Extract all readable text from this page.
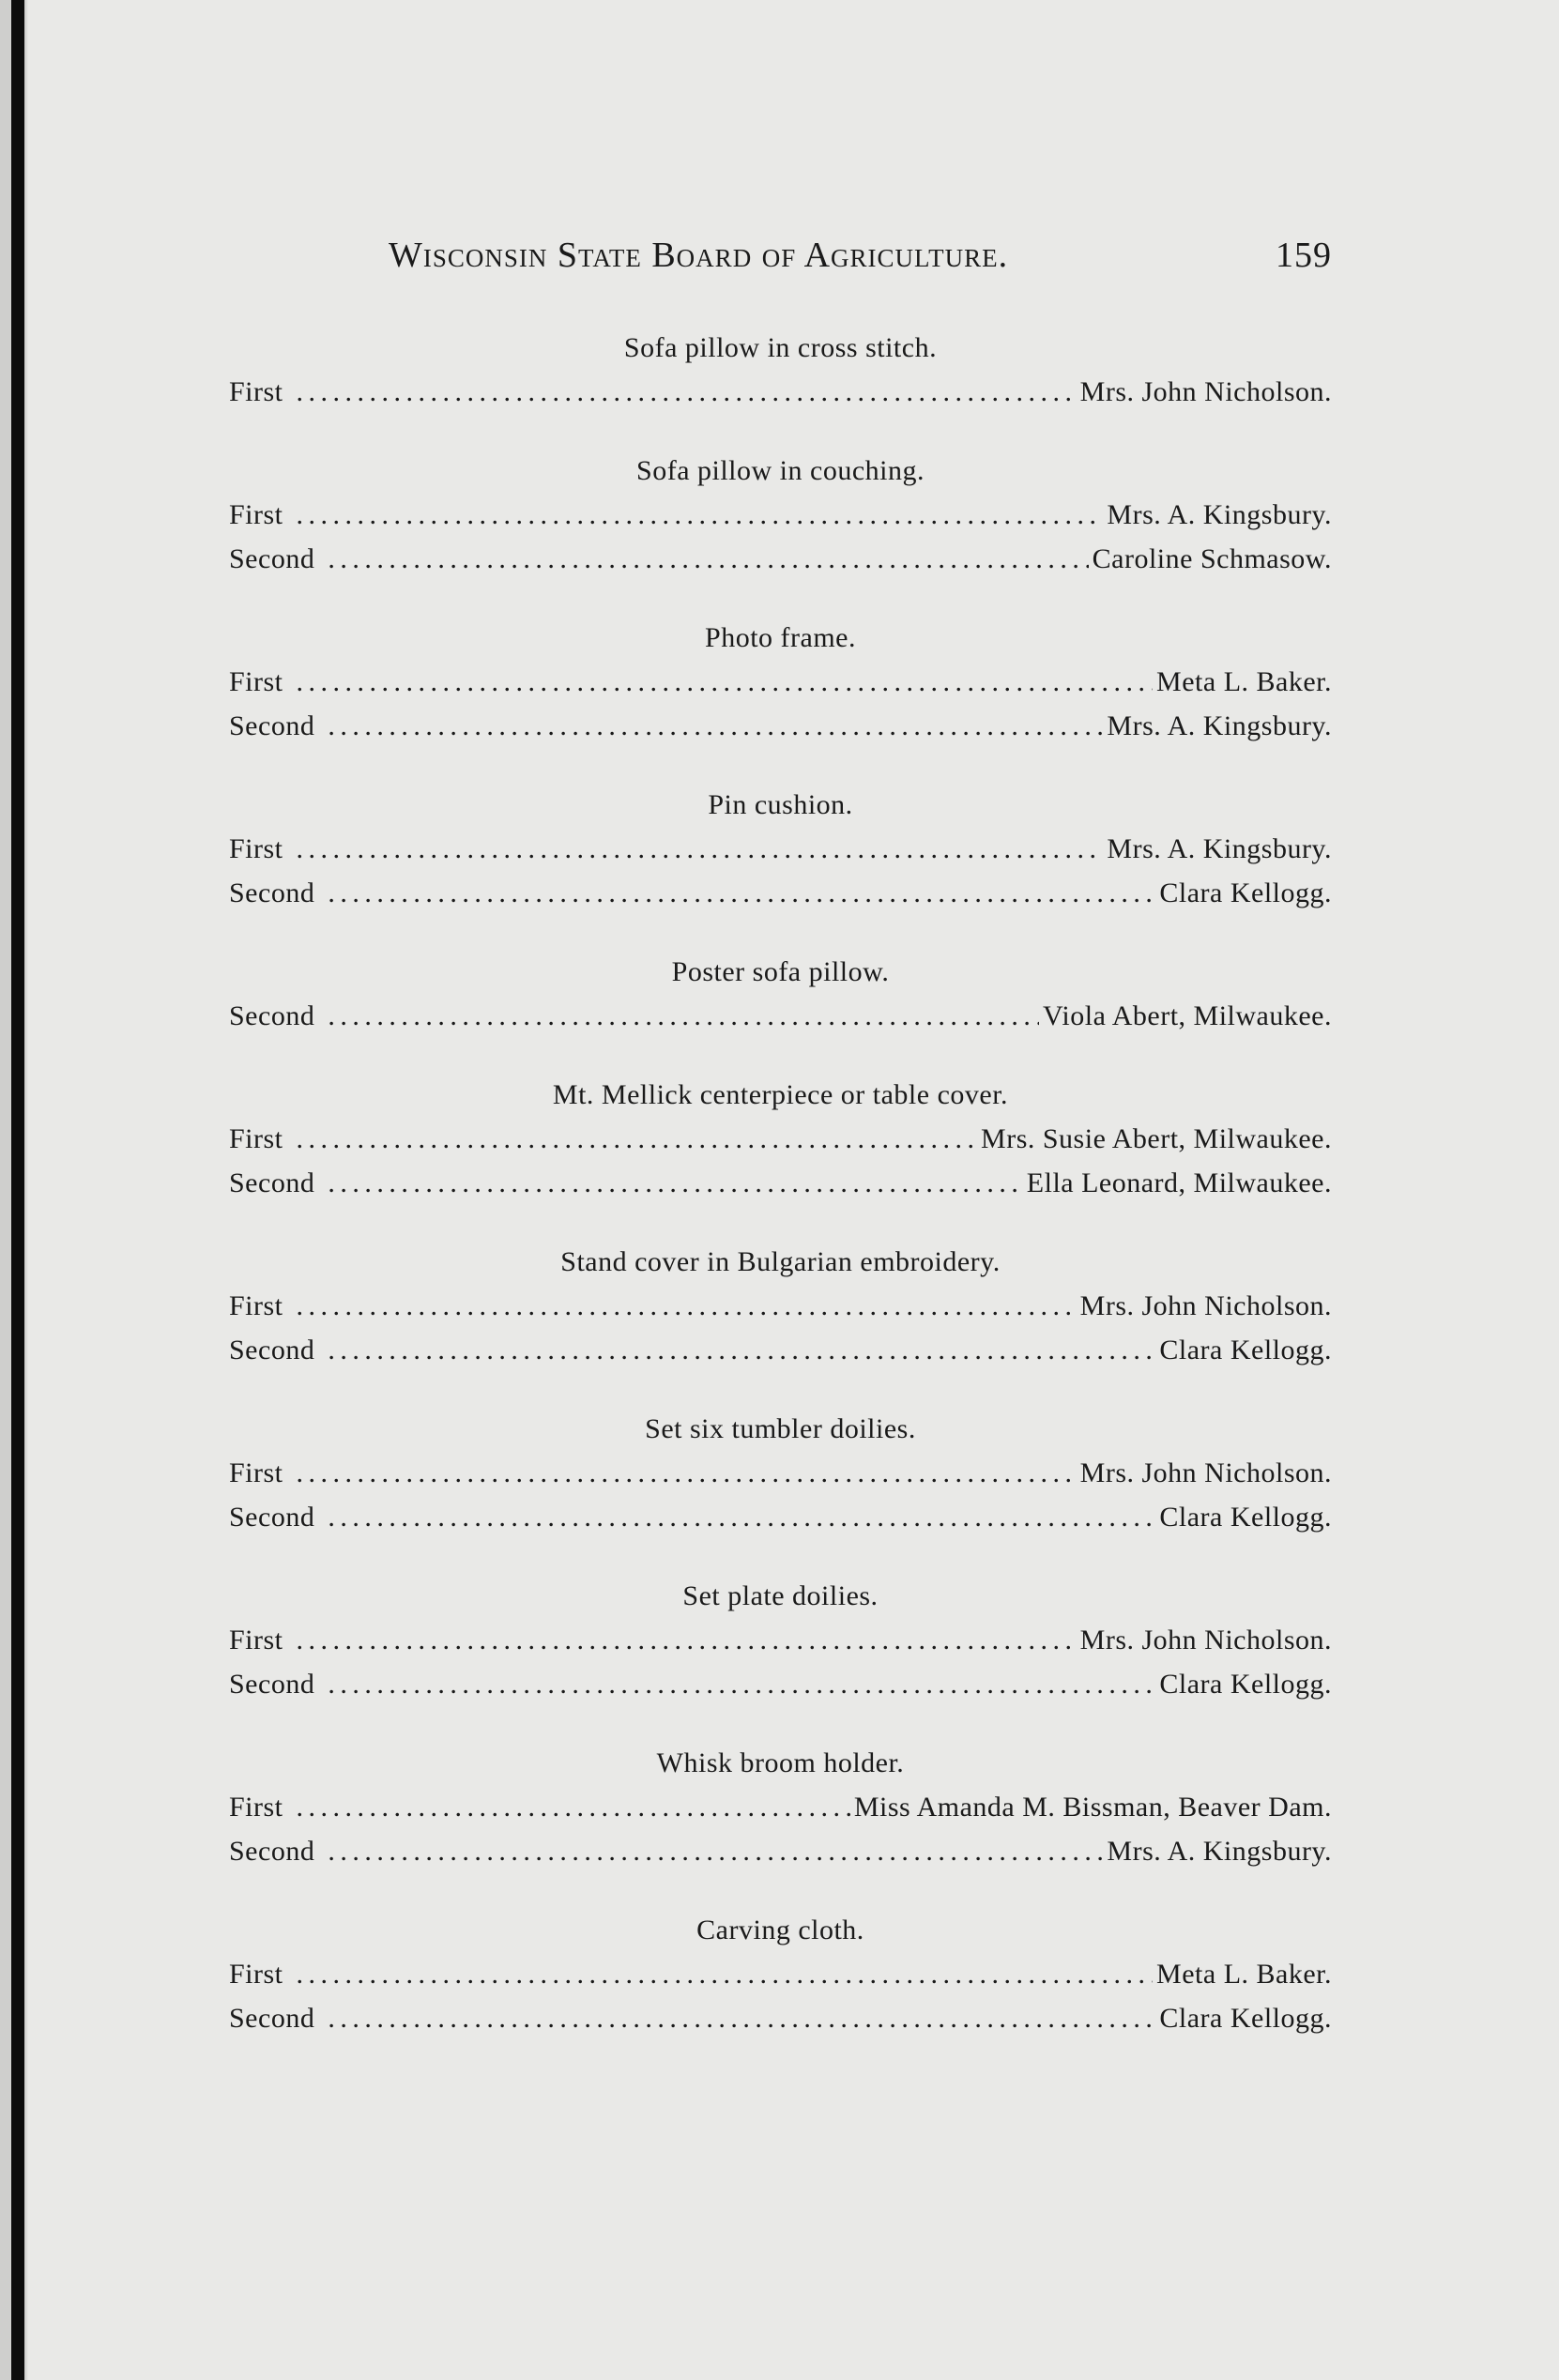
Wisconsin State Board of Agriculture.	159
Sofa pillow in cross stitch.
First . . .	Mrs. John Nicholson.
Sofa pillow in couching.
First . . .	Mrs. A. Kingsbury.
Second . . .	Caroline Schmasow.
Photo frame.
First . . .	Meta L. Baker.
Second . . .	Mrs. A. Kingsbury.
Pin cushion.
First . . .	Mrs. A. Kingsbury.
Second . . .	Clara Kellogg.
Poster sofa pillow.
Second . . .	Viola Abert, Milwaukee.
Mt. Mellick centerpiece or table cover.
First . . .	Mrs. Susie Abert, Milwaukee.
Second . . .	Ella Leonard, Milwaukee.
Stand cover in Bulgarian embroidery.
First . . .	Mrs. John Nicholson.
Second . . .	Clara Kellogg.
Set six tumbler doilies.
First . . .	Mrs. John Nicholson.
Second . . .	Clara Kellogg.
Set plate doilies.
First . . .	Mrs. John Nicholson.
Second . . .	Clara Kellogg.
Whisk broom holder.
First . . .	Miss Amanda M. Bissman, Beaver Dam.
Second . . .	Mrs. A. Kingsbury.
Carving cloth.
First . . .	Meta L. Baker.
Second . . .	Clara Kellogg.
